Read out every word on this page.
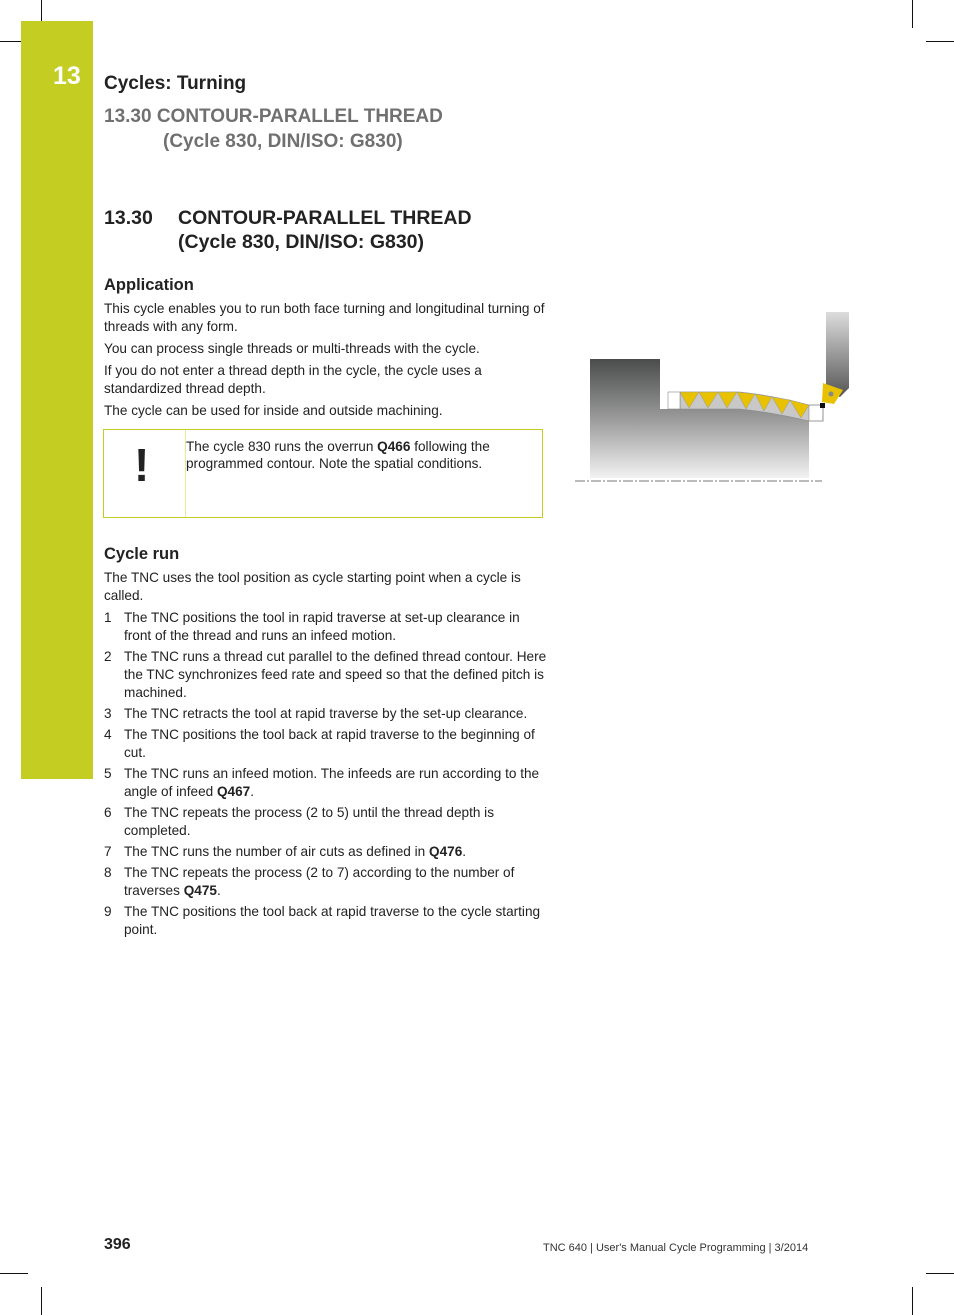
13 Cycles: Turning
13.30 CONTOUR-PARALLEL THREAD
(Cycle 830, DIN/ISO: G830)
13.30 CONTOUR-PARALLEL THREAD
(Cycle 830, DIN/ISO: G830)
Application

This cycle enables you to run both face turning and longitudinal turning of threads with any form.

You can process single threads or multi-threads with the cycle.

If you do not enter a thread depth in the cycle, the cycle uses a standardized thread depth.

The cycle can be used for inside and outside machining.

!	The cycle 830 runs the overrun Q466 following the programmed contour. Note the spatial conditions.
Cycle run

The TNC uses the tool position as cycle starting point when a cycle is called.

1 The TNC positions the tool in rapid traverse at set-up clearance in front of the thread and runs an infeed motion.
2 The TNC runs a thread cut parallel to the defined thread contour. Here the TNC synchronizes feed rate and speed so that the defined pitch is machined.
3 The TNC retracts the tool at rapid traverse by the set-up clearance.
4 The TNC positions the tool back at rapid traverse to the beginning of cut.
5 The TNC runs an infeed motion. The infeeds are run according to the angle of infeed Q467.
6 The TNC repeats the process (2 to 5) until the thread depth is completed.
7 The TNC runs the number of air cuts as defined in Q476.
8 The TNC repeats the process (2 to 7) according to the number of traverses Q475.
9 The TNC positions the tool back at rapid traverse to the cycle starting point.
396	TNC 640 | User's Manual Cycle Programming | 3/2014
